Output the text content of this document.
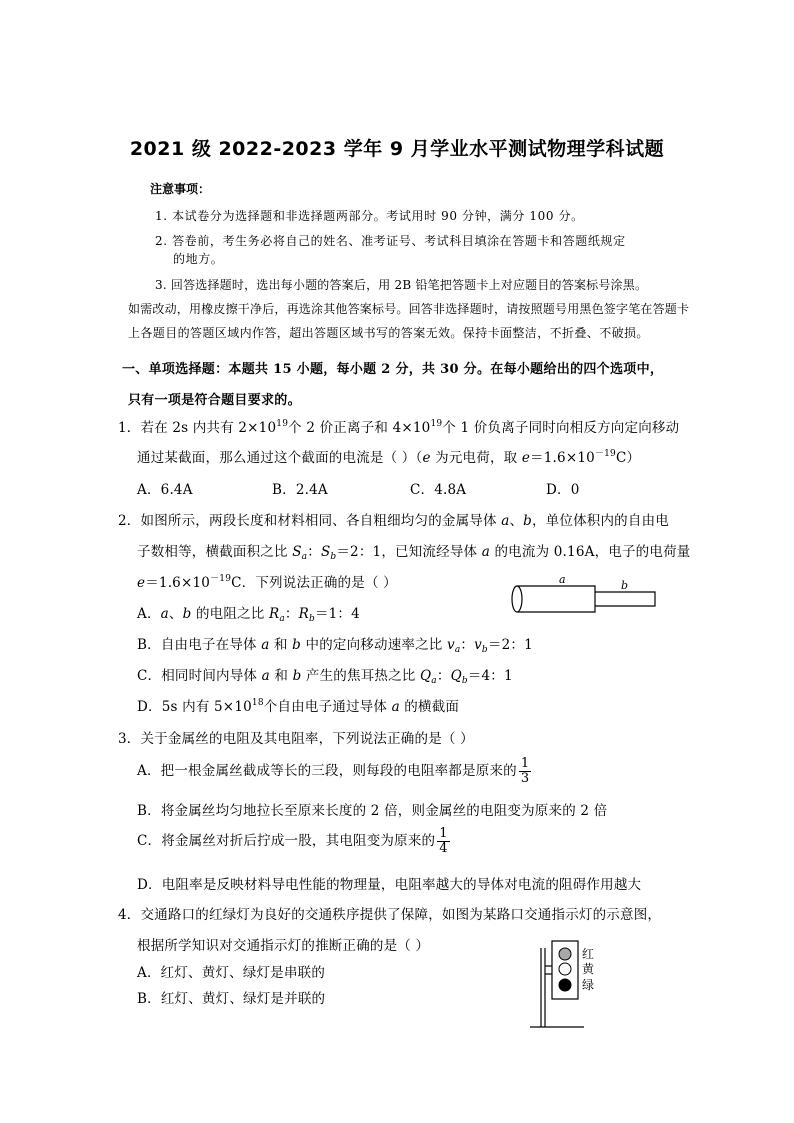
2021 级 2022-2023 学年 9 月学业水平测试物理学科试题
注意事项：
1. 本试卷分为选择题和非选择题两部分。考试用时 90 分钟，满分 100 分。
2. 答卷前，考生务必将自己的姓名、准考证号、考试科目填涂在答题卡和答题纸规定
的地方。
3. 回答选择题时，选出每小题的答案后，用 2B 铅笔把答题卡上对应题目的答案标号涂黑。
如需改动，用橡皮擦干净后，再选涂其他答案标号。回答非选择题时，请按照题号用黑色签字笔在答题卡
上各题目的答题区域内作答，超出答题区域书写的答案无效。保持卡面整洁，不折叠、不破损。
一、单项选择题：本题共 15 小题，每小题 2 分，共 30 分。在每小题给出的四个选项中，
只有一项是符合题目要求的。
1．若在 2s 内共有 $2\times 10^{19}$个 2 价正离子和 $4\times 10^{19}$个 1 价负离子同时向相反方向定向移动
通过某截面，那么通过这个截面的电流是（ ）（e 为元电荷，取 $e=1.6\times 10^{-19}C$）
A．6.4A	B．2.4A	C．4.8A	D．0
2．如图所示，两段长度和材料相同、各自粗细均匀的金属导体 a、b，单位体积内的自由电
子数相等，横截面积之比 $S_a$：$S_b=2$：1，已知流经导体 a 的电流为 0.16A，电子的电荷量
$e=1.6\times 10^{-19}C$．下列说法正确的是（ ）
A．a、b 的电阻之比 $R_a$：$R_b=1$：4
B．自由电子在导体 a 和 b 中的定向移动速率之比 $v_a$：$v_b=2$：1
C．相同时间内导体 a 和 b 产生的焦耳热之比 $Q_a$：$Q_b=4$：1
D．5s 内有 $5\times 10^{18}$个自由电子通过导体 a 的横截面
a	b
3．关于金属丝的电阻及其电阻率，下列说法正确的是（ ）
A．把一根金属丝截成等长的三段，则每段的电阻率都是原来的 $\frac{1}{3}$
B．将金属丝均匀地拉长至原来长度的 2 倍，则金属丝的电阻变为原来的 2 倍
C．将金属丝对折后拧成一股，其电阻变为原来的 $\frac{1}{4}$
D．电阻率是反映材料导电性能的物理量，电阻率越大的导体对电流的阻碍作用越大
4．交通路口的红绿灯为良好的交通秩序提供了保障，如图为某路口交通指示灯的示意图，
根据所学知识对交通指示灯的推断正确的是（ ）
A．红灯、黄灯、绿灯是串联的
B．红灯、黄灯、绿灯是并联的
红
黄
绿
